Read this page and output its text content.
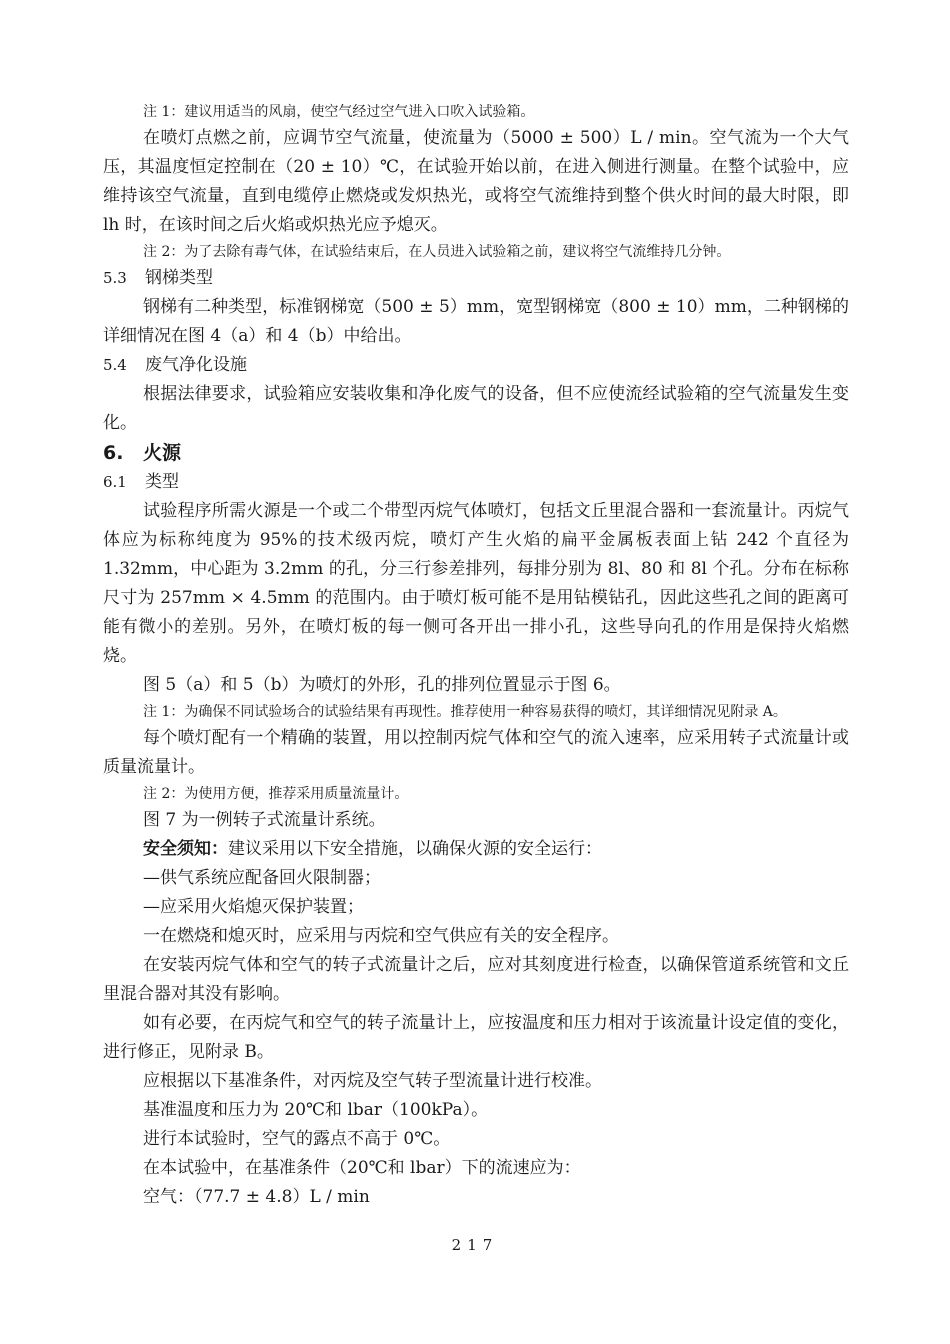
注 1：建议用适当的风扇，使空气经过空气进入口吹入试验箱。

在喷灯点燃之前，应调节空气流量，使流量为（5000 ± 500）L / min。空气流为一个大气压，其温度恒定控制在（20 ± 10）℃，在试验开始以前，在进入侧进行测量。在整个试验中，应维持该空气流量，直到电缆停止燃烧或发炽热光，或将空气流维持到整个供火时间的最大时限，即 lh 时，在该时间之后火焰或炽热光应予熄灭。

注 2：为了去除有毒气体，在试验结束后，在人员进入试验箱之前，建议将空气流维持几分钟。

5.3 钢梯类型

钢梯有二种类型，标准钢梯宽（500 ± 5）mm，宽型钢梯宽（800 ± 10）mm，二种钢梯的详细情况在图 4（a）和 4（b）中给出。

5.4 废气净化设施

根据法律要求，试验箱应安装收集和净化废气的设备，但不应使流经试验箱的空气流量发生变化。

6. 火源

6.1 类型

试验程序所需火源是一个或二个带型丙烷气体喷灯，包括文丘里混合器和一套流量计。丙烷气体应为标称纯度为 95%的技术级丙烷，喷灯产生火焰的扁平金属板表面上钻 242 个直径为 1.32mm，中心距为 3.2mm 的孔，分三行参差排列，每排分别为 8l、80 和 8l 个孔。分布在标称尺寸为 257mm × 4.5mm 的范围内。由于喷灯板可能不是用钻模钻孔，因此这些孔之间的距离可能有微小的差别。另外，在喷灯板的每一侧可各开出一排小孔，这些导向孔的作用是保持火焰燃烧。

图 5（a）和 5（b）为喷灯的外形，孔的排列位置显示于图 6。

注 1：为确保不同试验场合的试验结果有再现性。推荐使用一种容易获得的喷灯，其详细情况见附录 A。

每个喷灯配有一个精确的装置，用以控制丙烷气体和空气的流入速率，应采用转子式流量计或质量流量计。

注 2：为使用方便，推荐采用质量流量计。

图 7 为一例转子式流量计系统。

安全须知：建议采用以下安全措施，以确保火源的安全运行：

—供气系统应配备回火限制器；

—应采用火焰熄灭保护装置；

一在燃烧和熄灭时，应采用与丙烷和空气供应有关的安全程序。

在安装丙烷气体和空气的转子式流量计之后，应对其刻度进行检查，以确保管道系统管和文丘里混合器对其没有影响。

如有必要，在丙烷气和空气的转子流量计上，应按温度和压力相对于该流量计设定值的变化，进行修正，见附录 B。

应根据以下基准条件，对丙烷及空气转子型流量计进行校准。

基准温度和压力为 20℃和 lbar（100kPa）。

进行本试验时，空气的露点不高于 0℃。

在本试验中，在基准条件（20℃和 lbar）下的流速应为：

空气：（77.7 ± 4.8）L / min

217
